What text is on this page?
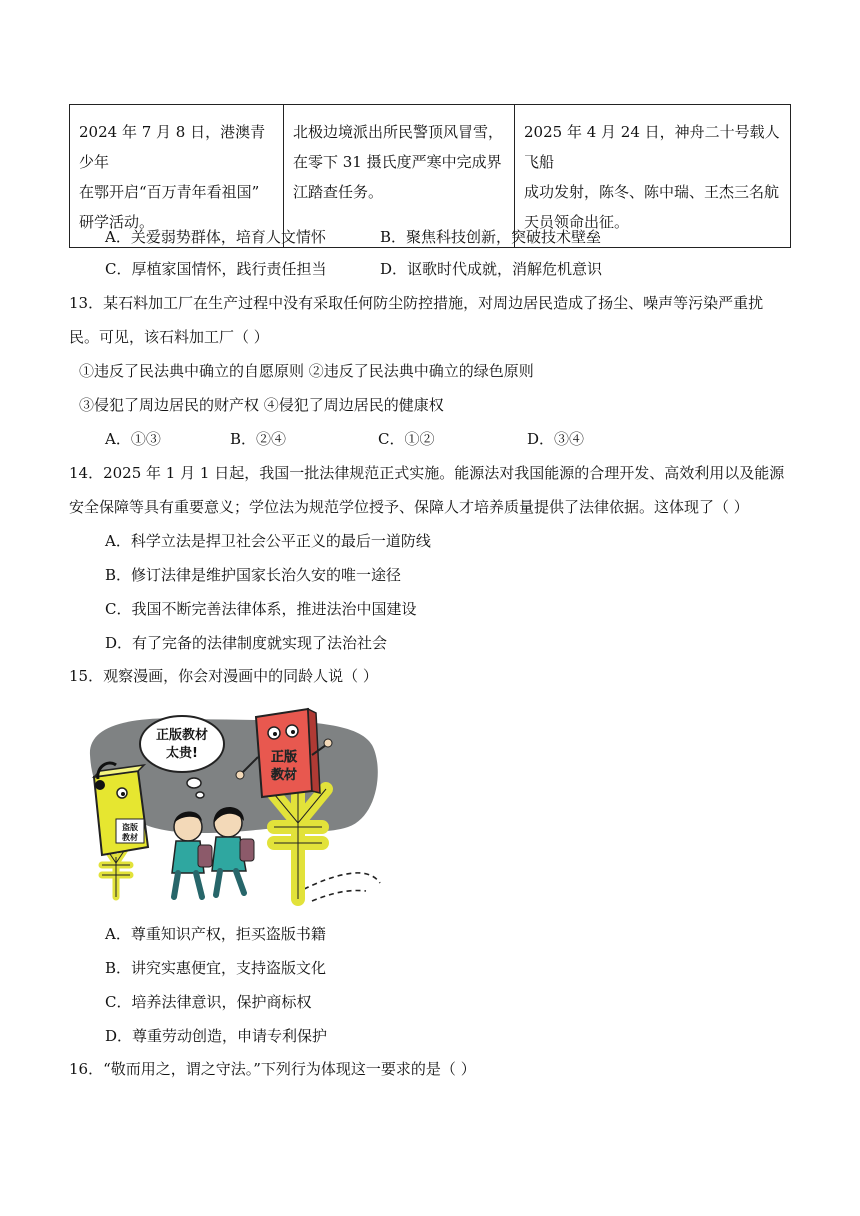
2024 年 7 月 8 日，港澳青少年
在鄂开启“百万青年看祖国”
研学活动。

北极边境派出所民警顶风冒雪，
在零下 31 摄氏度严寒中完成界
江踏查任务。

2025 年 4 月 24 日，神舟二十号载人飞船
成功发射，陈冬、陈中瑞、王杰三名航
天员领命出征。
A．关爱弱势群体，培育人文情怀	B．聚焦科技创新，突破技术壁垒
C．厚植家国情怀，践行责任担当	D．讴歌时代成就，消解危机意识
13．某石料加工厂在生产过程中没有采取任何防尘防控措施，对周边居民造成了扬尘、噪声等污染严重扰
民。可见，该石料加工厂（ ）
①违反了民法典中确立的自愿原则 ②违反了民法典中确立的绿色原则
③侵犯了周边居民的财产权 ④侵犯了周边居民的健康权
A．①③	B．②④	C．①②	D．③④
14．2025 年 1 月 1 日起，我国一批法律规范正式实施。能源法对我国能源的合理开发、高效利用以及能源
安全保障等具有重要意义；学位法为规范学位授予、保障人才培养质量提供了法律依据。这体现了（ ）
A．科学立法是捍卫社会公平正义的最后一道防线
B．修订法律是维护国家长治久安的唯一途径
C．我国不断完善法律体系，推进法治中国建设
D．有了完备的法律制度就实现了法治社会
15．观察漫画，你会对漫画中的同龄人说（ ）
正版教材
太贵!
盗版
教材
正版
教材
A．尊重知识产权，拒买盗版书籍
B．讲究实惠便宜，支持盗版文化
C．培养法律意识，保护商标权
D．尊重劳动创造，申请专利保护
16．“敬而用之，谓之守法。”下列行为体现这一要求的是（ ）
